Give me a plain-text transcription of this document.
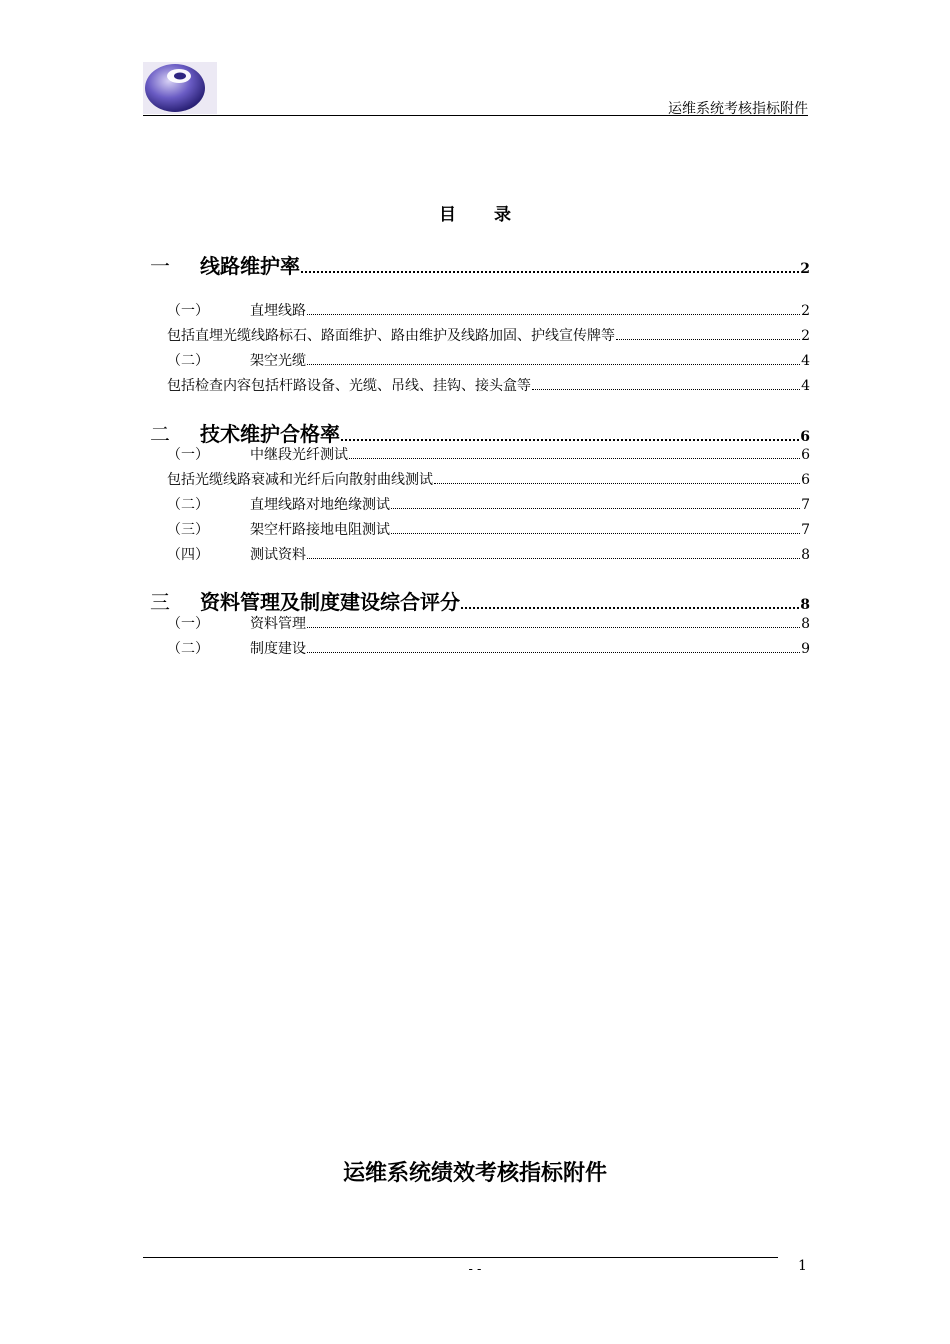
运维系统考核指标附件
目 录
一	线路维护率	2
（一）	直埋线路	2
包括直埋光缆线路标石、路面维护、路由维护及线路加固、护线宣传牌等	2
（二）	架空光缆	4
包括检查内容包括杆路设备、光缆、吊线、挂钩、接头盒等	4
二	技术维护合格率	6
（一）	中继段光纤测试	6
包括光缆线路衰减和光纤后向散射曲线测试	6
（二）	直埋线路对地绝缘测试	7
（三）	架空杆路接地电阻测试	7
（四）	测试资料	8
三	资料管理及制度建设综合评分	8
（一）	资料管理	8
（二）	制度建设	9
运维系统绩效考核指标附件
- -	1
